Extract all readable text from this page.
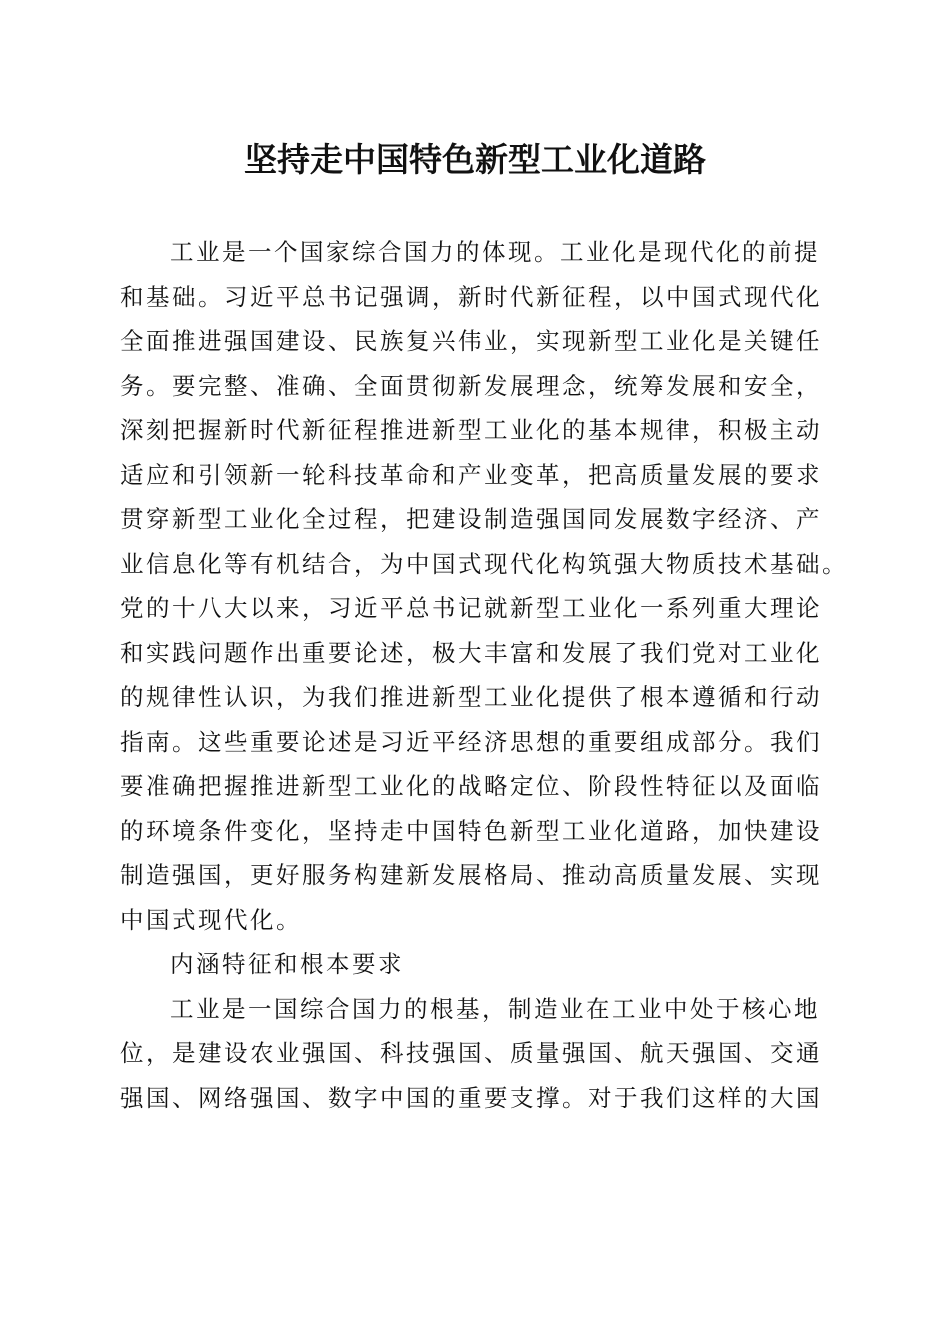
坚持走中国特色新型工业化道路
工业是一个国家综合国力的体现。工业化是现代化的前提
和基础。习近平总书记强调，新时代新征程，以中国式现代化
全面推进强国建设、民族复兴伟业，实现新型工业化是关键任
务。要完整、准确、全面贯彻新发展理念，统筹发展和安全，
深刻把握新时代新征程推进新型工业化的基本规律，积极主动
适应和引领新一轮科技革命和产业变革，把高质量发展的要求
贯穿新型工业化全过程，把建设制造强国同发展数字经济、产
业信息化等有机结合，为中国式现代化构筑强大物质技术基础。
党的十八大以来，习近平总书记就新型工业化一系列重大理论
和实践问题作出重要论述，极大丰富和发展了我们党对工业化
的规律性认识，为我们推进新型工业化提供了根本遵循和行动
指南。这些重要论述是习近平经济思想的重要组成部分。我们
要准确把握推进新型工业化的战略定位、阶段性特征以及面临
的环境条件变化，坚持走中国特色新型工业化道路，加快建设
制造强国，更好服务构建新发展格局、推动高质量发展、实现
中国式现代化。
内涵特征和根本要求
工业是一国综合国力的根基，制造业在工业中处于核心地
位，是建设农业强国、科技强国、质量强国、航天强国、交通
强国、网络强国、数字中国的重要支撑。对于我们这样的大国
